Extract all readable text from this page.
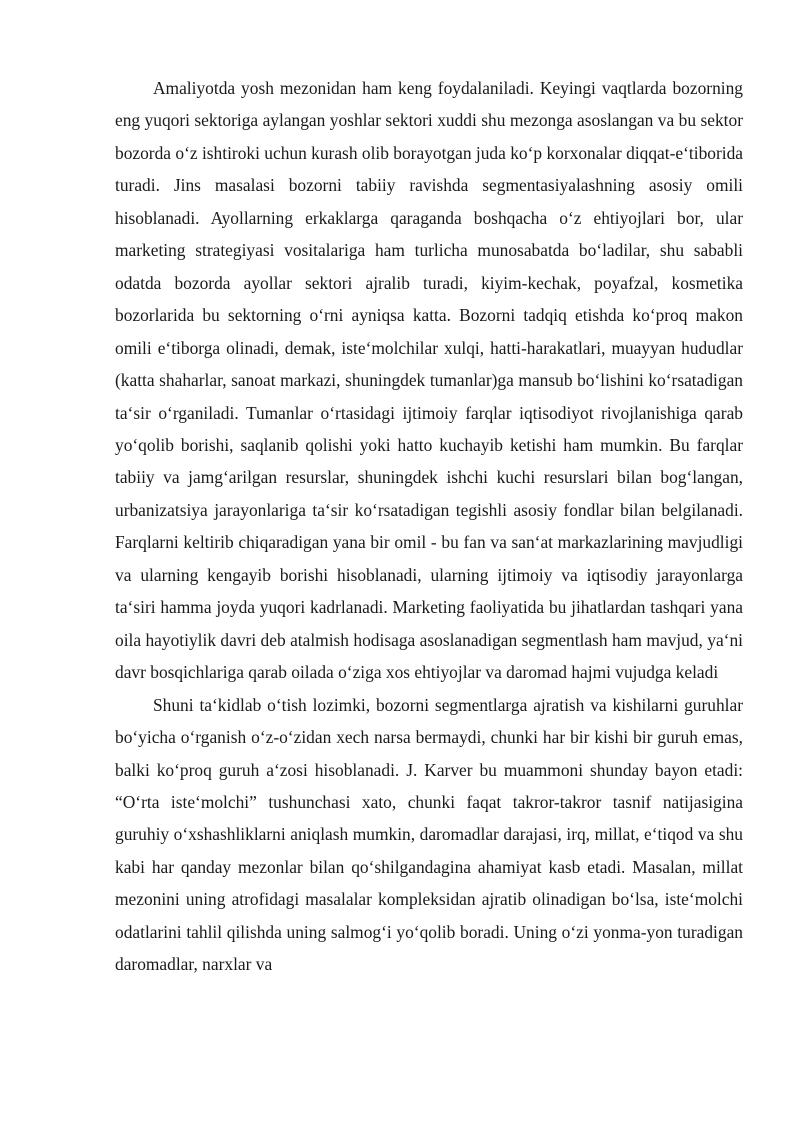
Amaliyotda yosh mezonidan ham keng foydalaniladi. Keyingi vaqtlarda bozorning eng yuqori sektoriga aylangan yoshlar sektori xuddi shu mezonga asoslangan va bu sektor bozorda o‘z ishtiroki uchun kurash olib borayotgan juda ko‘p korxonalar diqqat-e‘tiborida turadi. Jins masalasi bozorni tabiiy ravishda segmentasiyalashning asosiy omili hisoblanadi. Ayollarning erkaklarga qaraganda boshqacha o‘z ehtiyojlari bor, ular marketing strategiyasi vositalariga ham turlicha munosabatda bo‘ladilar, shu sababli odatda bozorda ayollar sektori ajralib turadi, kiyim-kechak, poyafzal, kosmetika bozorlarida bu sektorning o‘rni ayniqsa katta. Bozorni tadqiq etishda ko‘proq makon omili e‘tiborga olinadi, demak, iste‘molchilar xulqi, hatti-harakatlari, muayyan hududlar (katta shaharlar, sanoat markazi, shuningdek tumanlar)ga mansub bo‘lishini ko‘rsatadigan ta‘sir o‘rganiladi. Tumanlar o‘rtasidagi ijtimoiy farqlar iqtisodiyot rivojlanishiga qarab yo‘qolib borishi, saqlanib qolishi yoki hatto kuchayib ketishi ham mumkin. Bu farqlar tabiiy va jamg‘arilgan resurslar, shuningdek ishchi kuchi resurslari bilan bog‘langan, urbanizatsiya jarayonlariga ta‘sir ko‘rsatadigan tegishli asosiy fondlar bilan belgilanadi. Farqlarni keltirib chiqaradigan yana bir omil - bu fan va san‘at markazlarining mavjudligi va ularning kengayib borishi hisoblanadi, ularning ijtimoiy va iqtisodiy jarayonlarga ta‘siri hamma joyda yuqori kadrlanadi. Marketing faoliyatida bu jihatlardan tashqari yana oila hayotiylik davri deb atalmish hodisaga asoslanadigan segmentlash ham mavjud, ya‘ni davr bosqichlariga qarab oilada o‘ziga xos ehtiyojlar va daromad hajmi vujudga keladi

Shuni ta‘kidlab o‘tish lozimki, bozorni segmentlarga ajratish va kishilarni guruhlar bo‘yicha o‘rganish o‘z-o‘zidan xech narsa bermaydi, chunki har bir kishi bir guruh emas, balki ko‘proq guruh a‘zosi hisoblanadi. J. Karver bu muammoni shunday bayon etadi: “O‘rta iste‘molchi” tushunchasi xato, chunki faqat takror-takror tasnif natijasigina guruhiy o‘xshashliklarni aniqlash mumkin, daromadlar darajasi, irq, millat, e‘tiqod va shu kabi har qanday mezonlar bilan qo‘shilgandagina ahamiyat kasb etadi. Masalan, millat mezonini uning atrofidagi masalalar kompleksidan ajratib olinadigan bo‘lsa, iste‘molchi odatlarini tahlil qilishda uning salmog‘i yo‘qolib boradi. Uning o‘zi yonma-yon turadigan daromadlar, narxlar va
